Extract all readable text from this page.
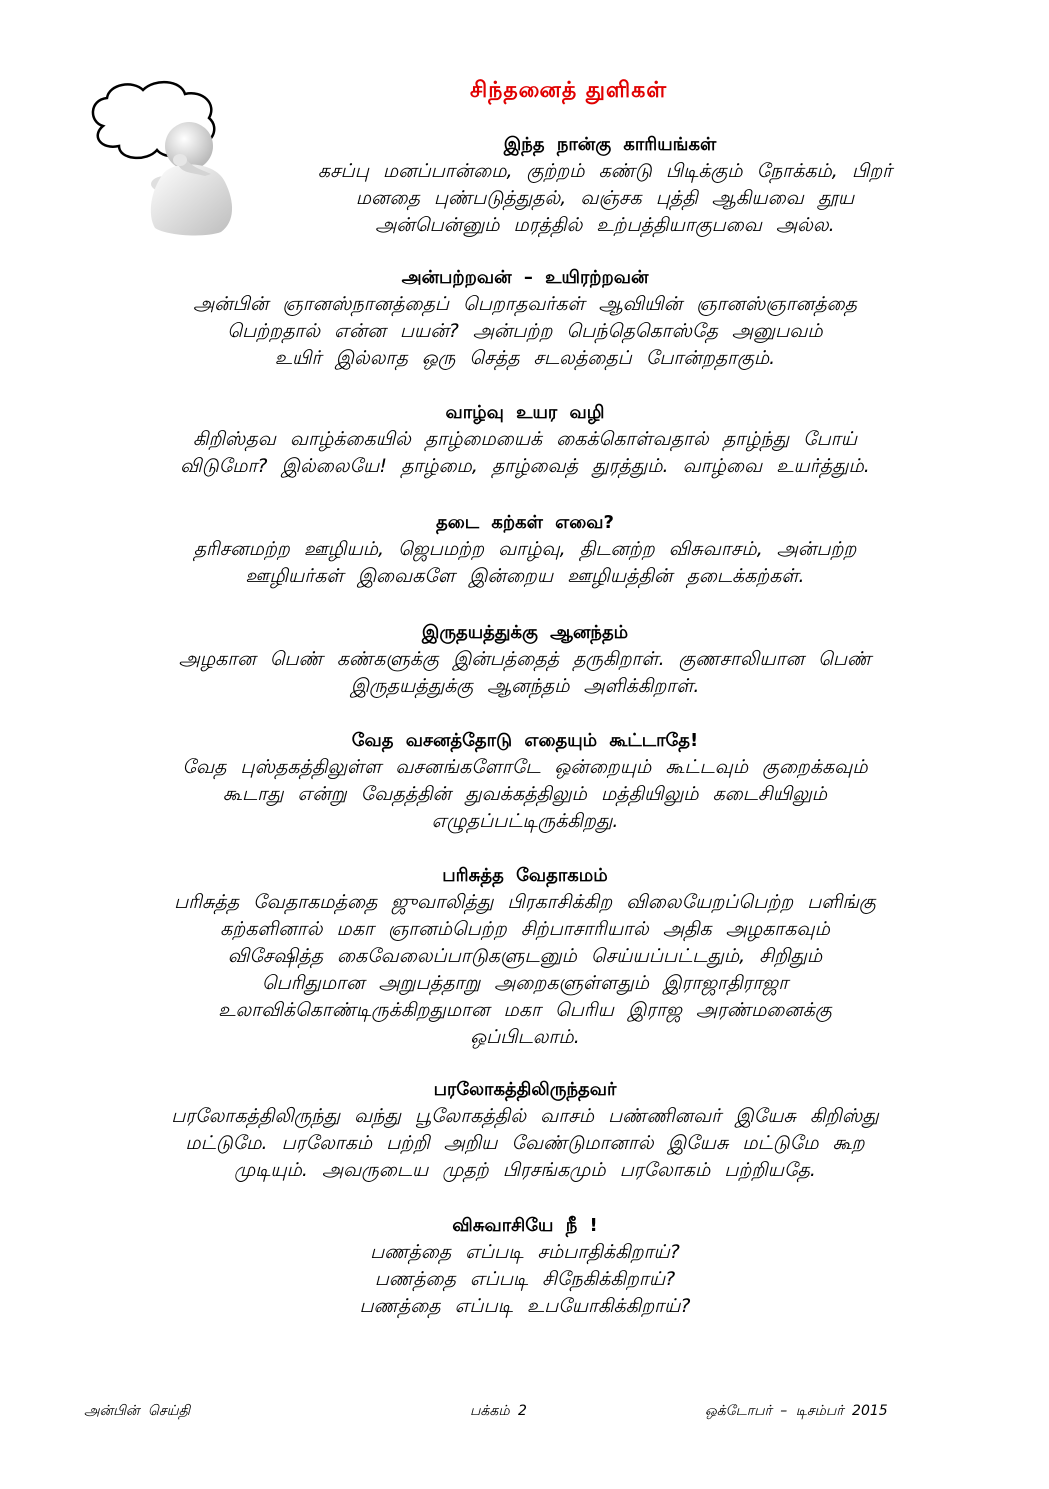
சிந்தனைத் துளிகள்
இந்த நான்கு காரியங்கள்

கசப்பு மனப்பான்மை, குற்றம் கண்டு பிடிக்கும் நோக்கம், பிறர்

மனதை புண்படுத்துதல், வஞ்சக புத்தி ஆகியவை தூய

அன்பென்னும் மரத்தில் உற்பத்தியாகுபவை அல்ல.

அன்பற்றவன் – உயிரற்றவன்

அன்பின் ஞானஸ்நானத்தைப் பெறாதவர்கள் ஆவியின் ஞானஸ்ஞானத்தை

பெற்றதால் என்ன பயன்? அன்பற்ற பெந்தெகொஸ்தே அனுபவம்

உயிர் இல்லாத ஒரு செத்த சடலத்தைப் போன்றதாகும்.

வாழ்வு உயர வழி

கிறிஸ்தவ வாழ்க்கையில் தாழ்மையைக் கைக்கொள்வதால் தாழ்ந்து போய்

விடுமோ? இல்லையே! தாழ்மை, தாழ்வைத் துரத்தும். வாழ்வை உயர்த்தும்.

தடை கற்கள் எவை?

தரிசனமற்ற ஊழியம், ஜெபமற்ற வாழ்வு, திடனற்ற விசுவாசம், அன்பற்ற

ஊழியர்கள் இவைகளே இன்றைய ஊழியத்தின் தடைக்கற்கள்.

இருதயத்துக்கு ஆனந்தம்

அழகான பெண் கண்களுக்கு இன்பத்தைத் தருகிறாள். குணசாலியான பெண்

இருதயத்துக்கு ஆனந்தம் அளிக்கிறாள்.

வேத வசனத்தோடு எதையும் கூட்டாதே!

வேத புஸ்தகத்திலுள்ள வசனங்களோடே ஒன்றையும் கூட்டவும் குறைக்கவும்

கூடாது என்று வேதத்தின் துவக்கத்திலும் மத்தியிலும் கடைசியிலும்

எழுதப்பட்டிருக்கிறது.

பரிசுத்த வேதாகமம்

பரிசுத்த வேதாகமத்தை ஜுவாலித்து பிரகாசிக்கிற விலையேறப்பெற்ற பளிங்கு

கற்களினால் மகா ஞானம்பெற்ற சிற்பாசாரியால் அதிக அழகாகவும்

விசேஷித்த கைவேலைப்பாடுகளுடனும் செய்யப்பட்டதும், சிறிதும்

பெரிதுமான அறுபத்தாறு அறைகளுள்ளதும் இராஜாதிராஜா

உலாவிக்கொண்டிருக்கிறதுமான மகா பெரிய இராஜ அரண்மனைக்கு

ஒப்பிடலாம்.

பரலோகத்திலிருந்தவர்

பரலோகத்திலிருந்து வந்து பூலோகத்தில் வாசம் பண்ணினவர் இயேசு கிறிஸ்து

மட்டுமே. பரலோகம் பற்றி அறிய வேண்டுமானால் இயேசு மட்டுமே கூற

முடியும். அவருடைய முதற் பிரசங்கமும் பரலோகம் பற்றியதே.

விசுவாசியே நீ !

பணத்தை எப்படி சம்பாதிக்கிறாய்?

பணத்தை எப்படி சிநேகிக்கிறாய்?

பணத்தை எப்படி உபயோகிக்கிறாய்?

அன்பின் செய்தி	பக்கம் 2	ஒக்டோபர் – டிசம்பர் 2015
